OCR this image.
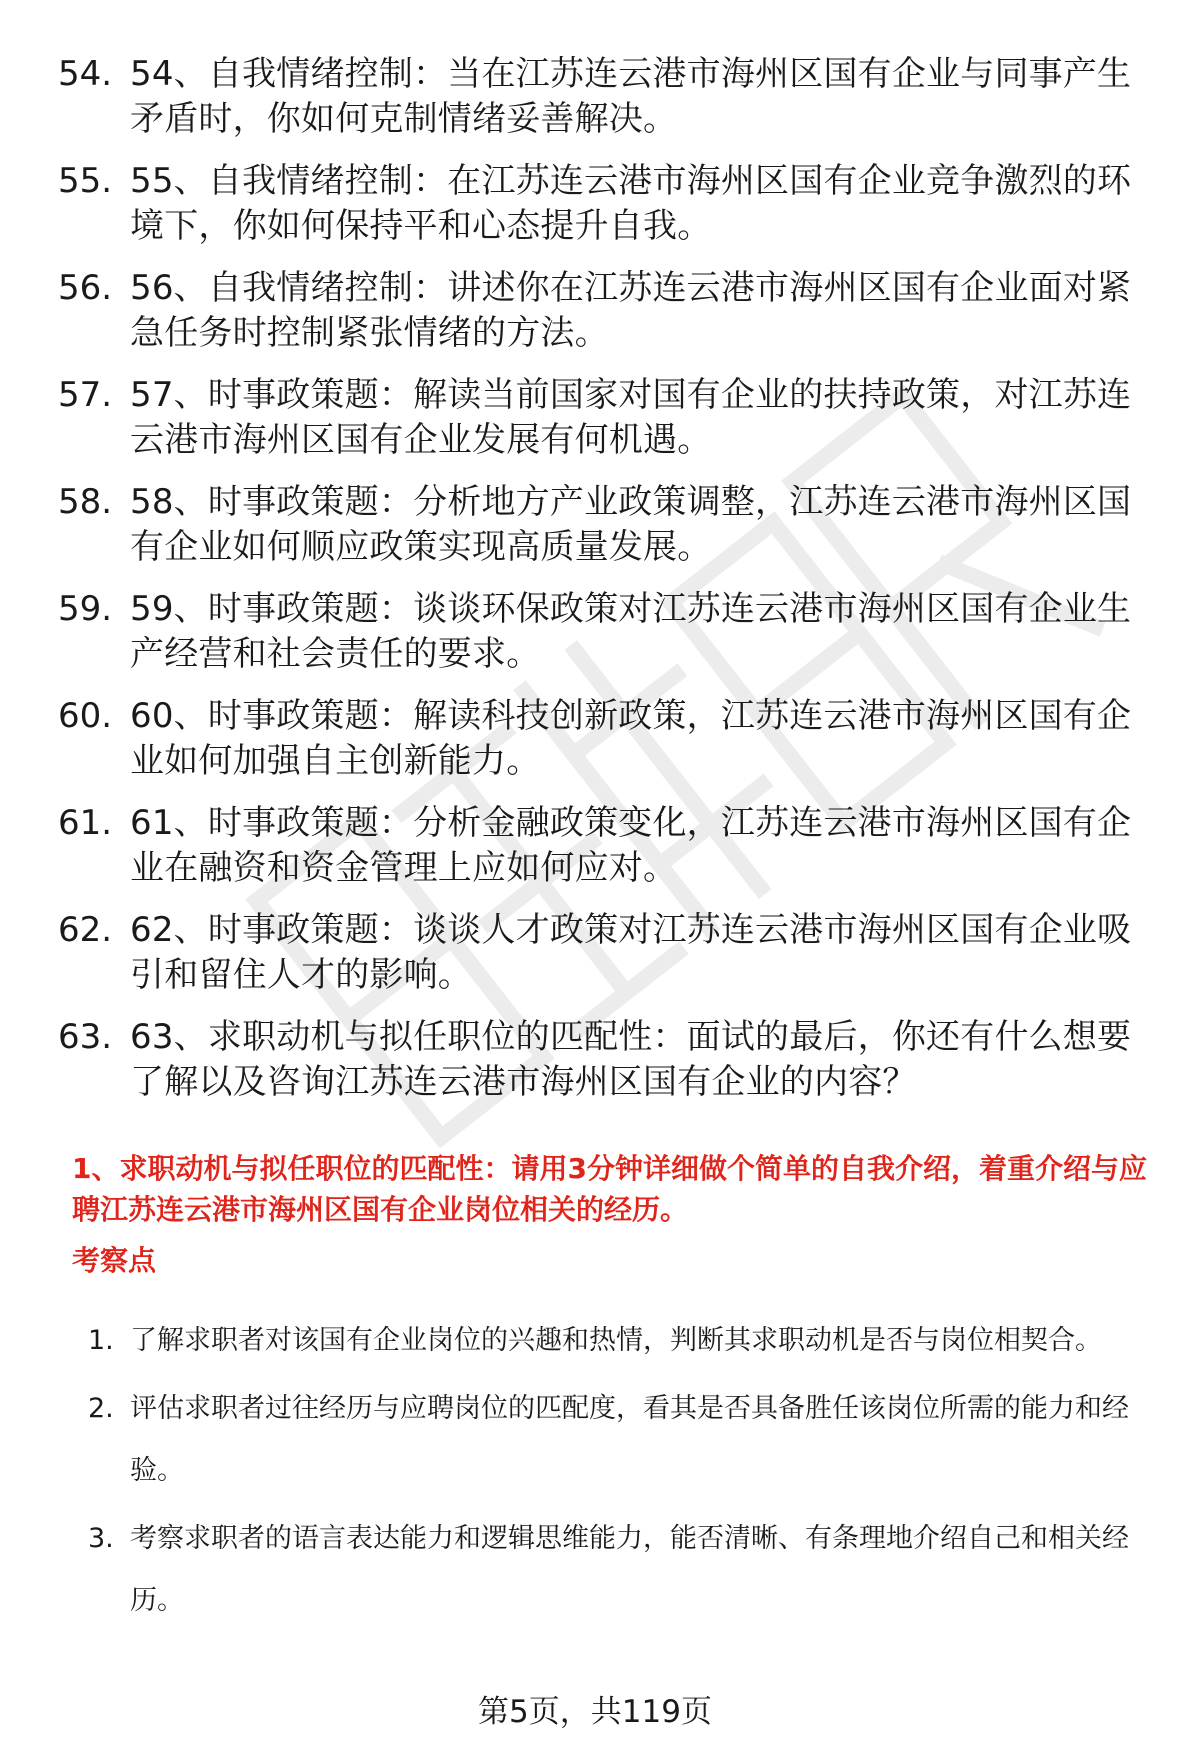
54. 54、自我情绪控制：当在江苏连云港市海州区国有企业与同事产生矛盾时，你如何克制情绪妥善解决。
55. 55、自我情绪控制：在江苏连云港市海州区国有企业竞争激烈的环境下，你如何保持平和心态提升自我。
56. 56、自我情绪控制：讲述你在江苏连云港市海州区国有企业面对紧急任务时控制紧张情绪的方法。
57. 57、时事政策题：解读当前国家对国有企业的扶持政策，对江苏连云港市海州区国有企业发展有何机遇。
58. 58、时事政策题：分析地方产业政策调整，江苏连云港市海州区国有企业如何顺应政策实现高质量发展。
59. 59、时事政策题：谈谈环保政策对江苏连云港市海州区国有企业生产经营和社会责任的要求。
60. 60、时事政策题：解读科技创新政策，江苏连云港市海州区国有企业如何加强自主创新能力。
61. 61、时事政策题：分析金融政策变化，江苏连云港市海州区国有企业在融资和资金管理上应如何应对。
62. 62、时事政策题：谈谈人才政策对江苏连云港市海州区国有企业吸引和留住人才的影响。
63. 63、求职动机与拟任职位的匹配性：面试的最后，你还有什么想要了解以及咨询江苏连云港市海州区国有企业的内容？
1、求职动机与拟任职位的匹配性：请用3分钟详细做个简单的自我介绍，着重介绍与应聘江苏连云港市海州区国有企业岗位相关的经历。
考察点
1. 了解求职者对该国有企业岗位的兴趣和热情，判断其求职动机是否与岗位相契合。
2. 评估求职者过往经历与应聘岗位的匹配度，看其是否具备胜任该岗位所需的能力和经验。
3. 考察求职者的语言表达能力和逻辑思维能力，能否清晰、有条理地介绍自己和相关经历。
第5页，共119页
